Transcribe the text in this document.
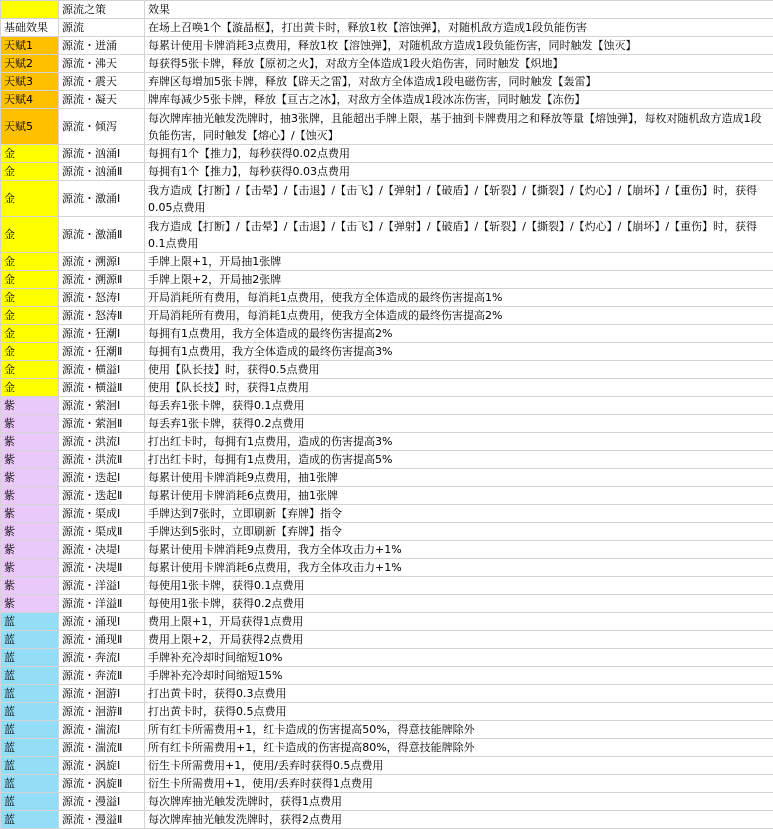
	源流之策	效果
基础效果	源流	在场上召唤1个【漩晶枢】，打出黄卡时，释放1枚【溶蚀弹】，对随机敌方造成1段负能伤害
天赋1	源流・迸涌	每累计使用卡牌消耗3点费用，释放1枚【溶蚀弹】，对随机敌方造成1段负能伤害，同时触发【蚀灭】
天赋2	源流・沸天	每获得5张卡牌，释放【原初之火】，对敌方全体造成1段火焰伤害，同时触发【炽地】
天赋3	源流・震天	弃牌区每增加5张卡牌，释放【辟天之雷】，对敌方全体造成1段电磁伤害，同时触发【轰雷】
天赋4	源流・凝天	牌库每减少5张卡牌，释放【亘古之冰】，对敌方全体造成1段冰冻伤害，同时触发【冻伤】
天赋5	源流・倾泻	每次牌库抽光触发洗牌时，抽3张牌，且能超出手牌上限，基于抽到卡牌费用之和释放等量【熔蚀弹】，每枚对随机敌方造成1段负能伤害，同时触发【熔心】/【蚀灭】
金	源流・汹涌Ⅰ	每拥有1个【推力】，每秒获得0.02点费用
金	源流・汹涌Ⅱ	每拥有1个【推力】，每秒获得0.03点费用
金	源流・激涌Ⅰ	我方造成【打断】/【击晕】/【击退】/【击飞】/【弹射】/【破盾】/【斩裂】/【撕裂】/【灼心】/【崩坏】/【重伤】时，获得0.05点费用
金	源流・激涌Ⅱ	我方造成【打断】/【击晕】/【击退】/【击飞】/【弹射】/【破盾】/【斩裂】/【撕裂】/【灼心】/【崩坏】/【重伤】时，获得0.1点费用
金	源流・溯源Ⅰ	手牌上限+1，开局抽1张牌
金	源流・溯源Ⅱ	手牌上限+2，开局抽2张牌
金	源流・怒涛Ⅰ	开局消耗所有费用，每消耗1点费用，使我方全体造成的最终伤害提高1%
金	源流・怒涛Ⅱ	开局消耗所有费用，每消耗1点费用，使我方全体造成的最终伤害提高2%
金	源流・狂潮Ⅰ	每拥有1点费用，我方全体造成的最终伤害提高2%
金	源流・狂潮Ⅱ	每拥有1点费用，我方全体造成的最终伤害提高3%
金	源流・横溢Ⅰ	使用【队长技】时，获得0.5点费用
金	源流・横溢Ⅱ	使用【队长技】时，获得1点费用
紫	源流・萦洄Ⅰ	每丢弃1张卡牌，获得0.1点费用
紫	源流・萦洄Ⅱ	每丢弃1张卡牌，获得0.2点费用
紫	源流・洪流Ⅰ	打出红卡时，每拥有1点费用，造成的伤害提高3%
紫	源流・洪流Ⅱ	打出红卡时，每拥有1点费用，造成的伤害提高5%
紫	源流・迭起Ⅰ	每累计使用卡牌消耗9点费用，抽1张牌
紫	源流・迭起Ⅱ	每累计使用卡牌消耗6点费用，抽1张牌
紫	源流・渠成Ⅰ	手牌达到7张时，立即刷新【弃牌】指令
紫	源流・渠成Ⅱ	手牌达到5张时，立即刷新【弃牌】指令
紫	源流・决堤Ⅰ	每累计使用卡牌消耗9点费用，我方全体攻击力+1%
紫	源流・决堤Ⅱ	每累计使用卡牌消耗6点费用，我方全体攻击力+1%
紫	源流・洋溢Ⅰ	每使用1张卡牌，获得0.1点费用
紫	源流・洋溢Ⅱ	每使用1张卡牌，获得0.2点费用
蓝	源流・涌现Ⅰ	费用上限+1，开局获得1点费用
蓝	源流・涌现Ⅱ	费用上限+2，开局获得2点费用
蓝	源流・奔流Ⅰ	手牌补充冷却时间缩短10%
蓝	源流・奔流Ⅱ	手牌补充冷却时间缩短15%
蓝	源流・洄游Ⅰ	打出黄卡时，获得0.3点费用
蓝	源流・洄游Ⅱ	打出黄卡时，获得0.5点费用
蓝	源流・湍流Ⅰ	所有红卡所需费用+1，红卡造成的伤害提高50%，得意技能牌除外
蓝	源流・湍流Ⅱ	所有红卡所需费用+1，红卡造成的伤害提高80%，得意技能牌除外
蓝	源流・涡旋Ⅰ	衍生卡所需费用+1，使用/丢弃时获得0.5点费用
蓝	源流・涡旋Ⅱ	衍生卡所需费用+1，使用/丢弃时获得1点费用
蓝	源流・漫溢Ⅰ	每次牌库抽光触发洗牌时，获得1点费用
蓝	源流・漫溢Ⅱ	每次牌库抽光触发洗牌时，获得2点费用
